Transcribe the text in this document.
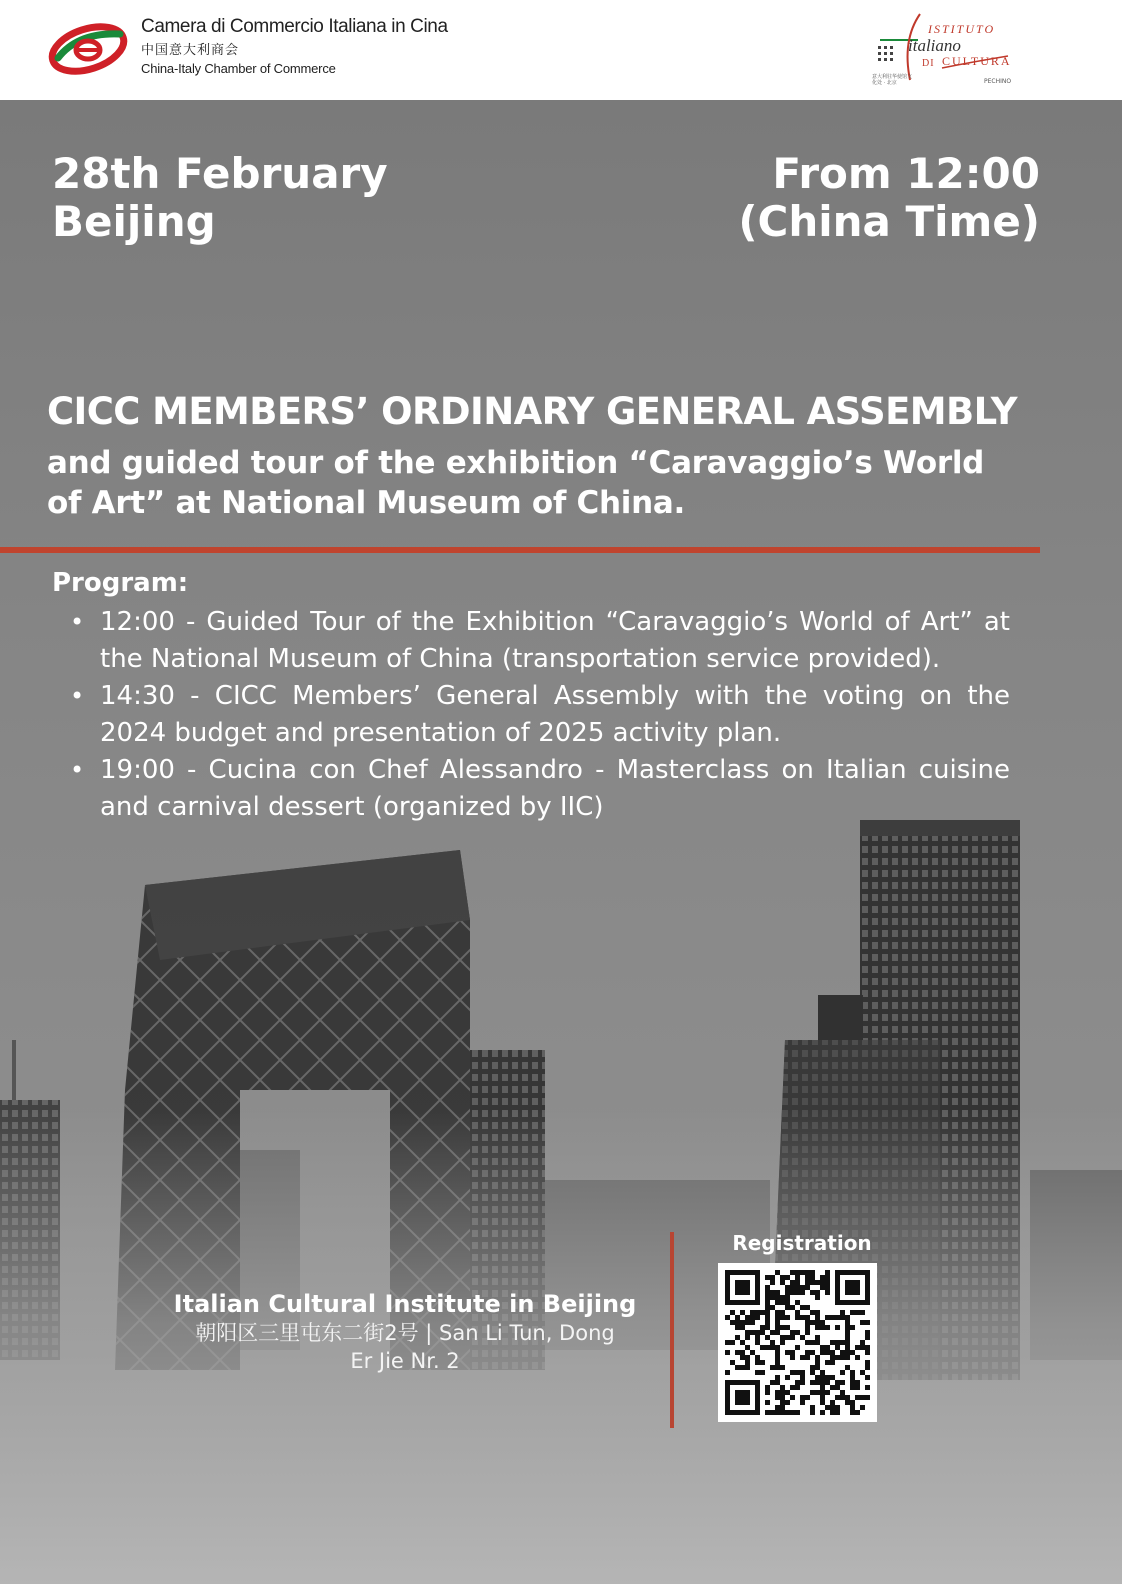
Camera di Commercio Italiana in Cina
中国意大利商会
China-Italy Chamber of Commerce
ISTITUTO
italiano
DI CULTURA
意大利驻华使馆文化处 · 北京	PECHINO
28th February
Beijing
From 12:00
(China Time)
CICC MEMBERS’ ORDINARY GENERAL ASSEMBLY
and guided tour of the exhibition “Caravaggio’s World of Art” at National Museum of China.
Program:
• 12:00 - Guided Tour of the Exhibition “Caravaggio’s World of Art” at the National Museum of China (transportation service provided).
• 14:30 - CICC Members’ General Assembly with the voting on the 2024 budget and presentation of 2025 activity plan.
• 19:00 - Cucina con Chef Alessandro - Masterclass on Italian cuisine and carnival dessert (organized by IIC)
Italian Cultural Institute in Beijing
朝阳区三里屯东二街2号 | San Li Tun, Dong
Er Jie Nr. 2
Registration
